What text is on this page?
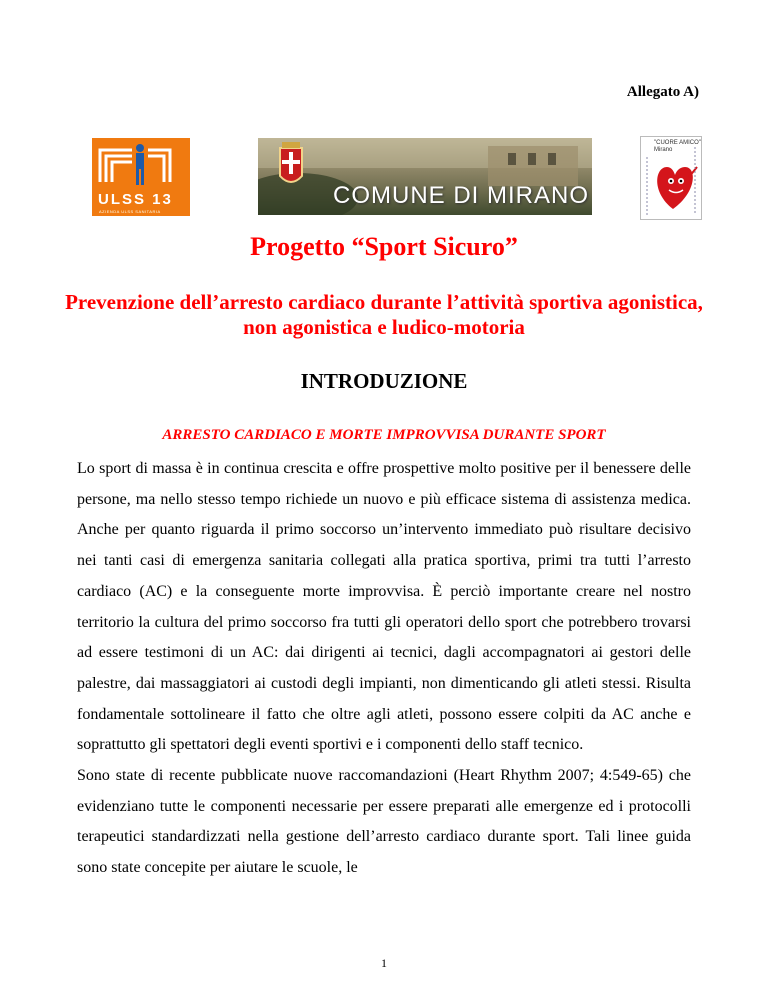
Allegato A)
ULSS 13
AZIENDA ULSS SANITARIA
COMUNE DI MIRANO
"CUORE AMICO"
Mirano
Progetto “Sport Sicuro”
Prevenzione dell’arresto cardiaco durante l’attività sportiva agonistica, non agonistica e ludico-motoria
INTRODUZIONE
ARRESTO CARDIACO E MORTE IMPROVVISA DURANTE SPORT
Lo sport di massa è in continua crescita e offre prospettive molto positive per il benessere delle persone, ma nello stesso tempo richiede un nuovo e più efficace sistema di assistenza medica. Anche per quanto riguarda il primo soccorso un’intervento immediato può risultare decisivo nei tanti casi di emergenza sanitaria collegati alla pratica sportiva, primi tra tutti l’arresto cardiaco (AC) e la conseguente morte improvvisa. È perciò importante creare nel nostro territorio la cultura del primo soccorso fra tutti gli operatori dello sport che potrebbero trovarsi ad essere testimoni di un AC: dai dirigenti ai tecnici, dagli accompagnatori ai gestori delle palestre, dai massaggiatori ai custodi degli impianti, non dimenticando gli atleti stessi. Risulta fondamentale sottolineare il fatto che oltre agli atleti, possono essere colpiti da AC anche e soprattutto gli spettatori degli eventi sportivi e i componenti dello staff tecnico.
Sono state di recente pubblicate nuove raccomandazioni (Heart Rhythm 2007; 4:549-65) che evidenziano tutte le componenti necessarie per essere preparati alle emergenze ed i protocolli terapeutici standardizzati nella gestione dell’arresto cardiaco durante sport. Tali linee guida sono state concepite per aiutare le scuole, le
1
